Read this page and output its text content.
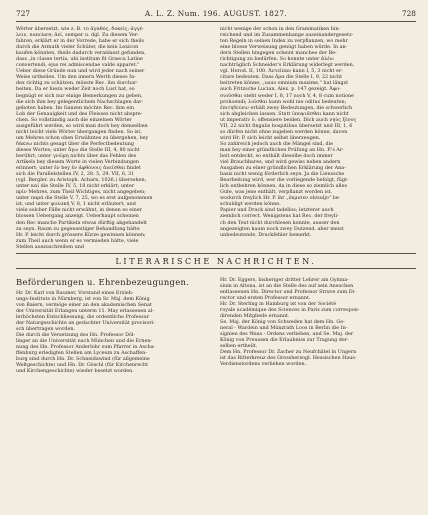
727	A. L. Z. Num. 196. AUGUST. 1827.	728
Wörter übersetzt, wie z. B. το ἀγαθός, δοκεῖς; ἀγγέ-
λειν, nunciare; ἀεί, semper u. dgl. Zu diesem Ver-
fahren, erklärt er in der Vorrede, habe er sich theils
durch die Armuth vieler Schüler, die kein Lexicon
kaufen könnten, theils dadurch veranlasst gefunden,
dass „in classe tertia, ubi institum fit Graeca Latine
convertendi, ejus rei admiscendae valde apparet."
Ueber diese Gründe nun und wird jeder nach seiner
Weise urtheilen. Um den innern Werth dieses In-
dex richtig zu schätzen, müsste Rec. ihn durchar-
beiten. Da er hiezu weder Zeit noch Lust hat, so
begnügt er sich nur einige Bemerkungen zu geben,
die sich ihm bey gelegentlichem Nachschlagen dar-
geboten haben. Im Ganzen möchte Rec. ihm ein
Lob der Genauigkeit und des Fleisses nicht abspre-
chen. So vollständig auch die einzelnen Wörter
ausgeführt werden, so wird man doch bey demselben
nicht leicht viele Wörter übergangen finden. So ist,
um Mehres schon oben Erwähntes zu übergehen, bey
δάκνω nichts gesagt über die Perfectbedeutung
dieses Wortes; unter ἄγω die Stelle III, 4, 80 nicht
berührt; unter γνῶμη nichts über das Fehlen des
Artikels bey diesem Worte in vielen Verbindungen
erinnert; unter ἐν bey ἐν ἀφθόνοις ἀνεῖσθαι findet
sich die Parallelstellen IV, 2, 28. 5, 29. VII, 6, 31
(vgl. Bergler. zu Aristoph. Acharn. 1026.) übersehen;
unter καί die Stelle IV, 5, 18 nicht erklärt; unter
πρίν Mehres, zum Theil Wichtiges, nicht angegeben;
unter παρά die Stelle V, 7, 25, wo es erst aufgenommen
ist, und unter φυλακή V, 8, 1 nicht erläutert; und
viele solcher Fälle nicht erwähnt, in denen es einer
blossen Uebergang anzeigt. Ueberhaupt scheinen
den Rec manche Partikeln etwas dürftig abgehandelt
zu seyn. Raum zu gegenseitiger Behandlung hätte
Hr. P. leicht durch grössere Kürze gewinnen können;
zum Theil auch wenn er es vermieden hätte, viele
Stellen auszuschreiben und
nicht wenige der schon in den Grammatiken bin-
reichend und im Zusammenhange auseinandergesetz-
ten Regeln in seinen Index zu verpflanzen, wo mehr
eine blosse Verweisung genügt haben würde. In an-
dern Stellen hingegen scheint manches der Be-
richtigung zu bedürfen. So konnte unter ἀλέω
nachträglich Schneider's Erklärung widerlegt werden,
vgl. Herod. II, 100. Ἀντεῖπαν kann I, 5, 3 nicht er-
citare bedeuten. Dass ἄρα die Stelle I, 9, 22 nicht
beitreten könne; „usus omnium maxime," hat längst
auch Fritzsche Lucian. Alex. p. 147 gezeigt. Ἀφο-
σιοῦσθαι steht weder I, 8, 17 noch V, 4, 8 cum notione
prohoendi; λυῖσθαι kann wohl nie oditus bedeuten;
ἐπιτηδεύειν erhält zwey Bedeutungen, die schwerlich
sich abgleichen lassen. Statt ὑποψιᾶσθαι kann nicht
ut imperativ ö. offensiere beiden. Dich auch νηὺς ξένος
VII, 22 nicht fingulis hospitibus übersetzt und III, 1, 6
so dürfen nicht ohne zugeben werden könne, davon
wird Hr. P. sich leicht selbst überzeugen.
So zahlreich jedoch auch die Mängel sind, die
man bey einer gründlichen Prüfung an Hn. P.'s Ar-
beit entdeckt, so enthält dieselbe doch immer
viel Brauchbares, und wird gewiss neben andern
Ausgaben zu einer gründlichen Erklärung der Ana-
basis nicht wenig förderlich seyn. Ja die Lienssche
Bearbeitung wird, wer die vorliegende befolgt, fügt-
lich entbehren können, da in diese so ziemlich alles
Gute, was jene enthält, verpflanzt worden ist,
wodurch freylich Hr. P. ihr „ἐκμισεν ob/suljo" be-
schuldigt werden könne.
Papier und Druck sind tadellos; letzterer auch
ziemlich correct. Wenigstens hat Rec. der freyli-
ch den Text nicht durchlesen konnte, ausser den
angezeigten kaum noch zwey Dutzend, aber meist
unbedeutende, Druckfehler bemerkt.
LITERARISCHE NACHRICHTEN.
Beförderungen u. Ehrenbezeugungen.
Hr. Dr. Karl von Raumer, Vorstand eines Erzieh-
ungs-Instituts in Nürnberg, ist von Sr. Maj. dem König
von Baiern, vermöge einer an den akademischen Senat
der Universität Erlangen unterm 11. May erlassenen al-
lerhöchsten Entschliessung, die ordentliche Professur
der Naturgeschichte an gedachter Universität provisori-
sch übertragen worden.
Die durch die Versetzung des Hn. Professor Döl-
linger an die Universität nach München und die Ernen-
nung des Hn. Professor Anderlohr zum Pfarrer in Ascha-
ffenburg erledigten Stellen am Lyceum zu Aschaffen-
burg sind durch Hn. Dr. Schneidawind (für allgemeine
Weltgeschichte) und Hn. Dr. Göschl (für Kirchenrecht
und Kirchengeschichte) wieder besetzt worden.
Hr. Dr. Eggers, bisheriger dritter Lehrer am Gymna-
sium in Altona, ist an die Stelle des auf sein Ansuchen
entlassenen Hn. Director und Professor Struve zum Di-
rector und ersten Professor ernannt.
Hr. Dr. Sterling in Hamburg ist von der Société
royale académique des Sciences in Paris zum correspon-
direnden Mitgliede ernannt.
Se. Maj. der König von Schweden hat dem Hn. Ge-
neral - Wardein und Münzrath Loos in Berlin die In-
signien des Wasa - Ordens verliehen, und Se. Maj. der
König von Preussen die Erlaubniss zur Tragung der-
selben ertheilt.
Dem Hn. Professor Dr. Zacher zu Neufchâtel in Ungern
ist das Ritterkreuz des Grossherzogl. Hessischen Haus-
Verdienstordens verliehen worden.
